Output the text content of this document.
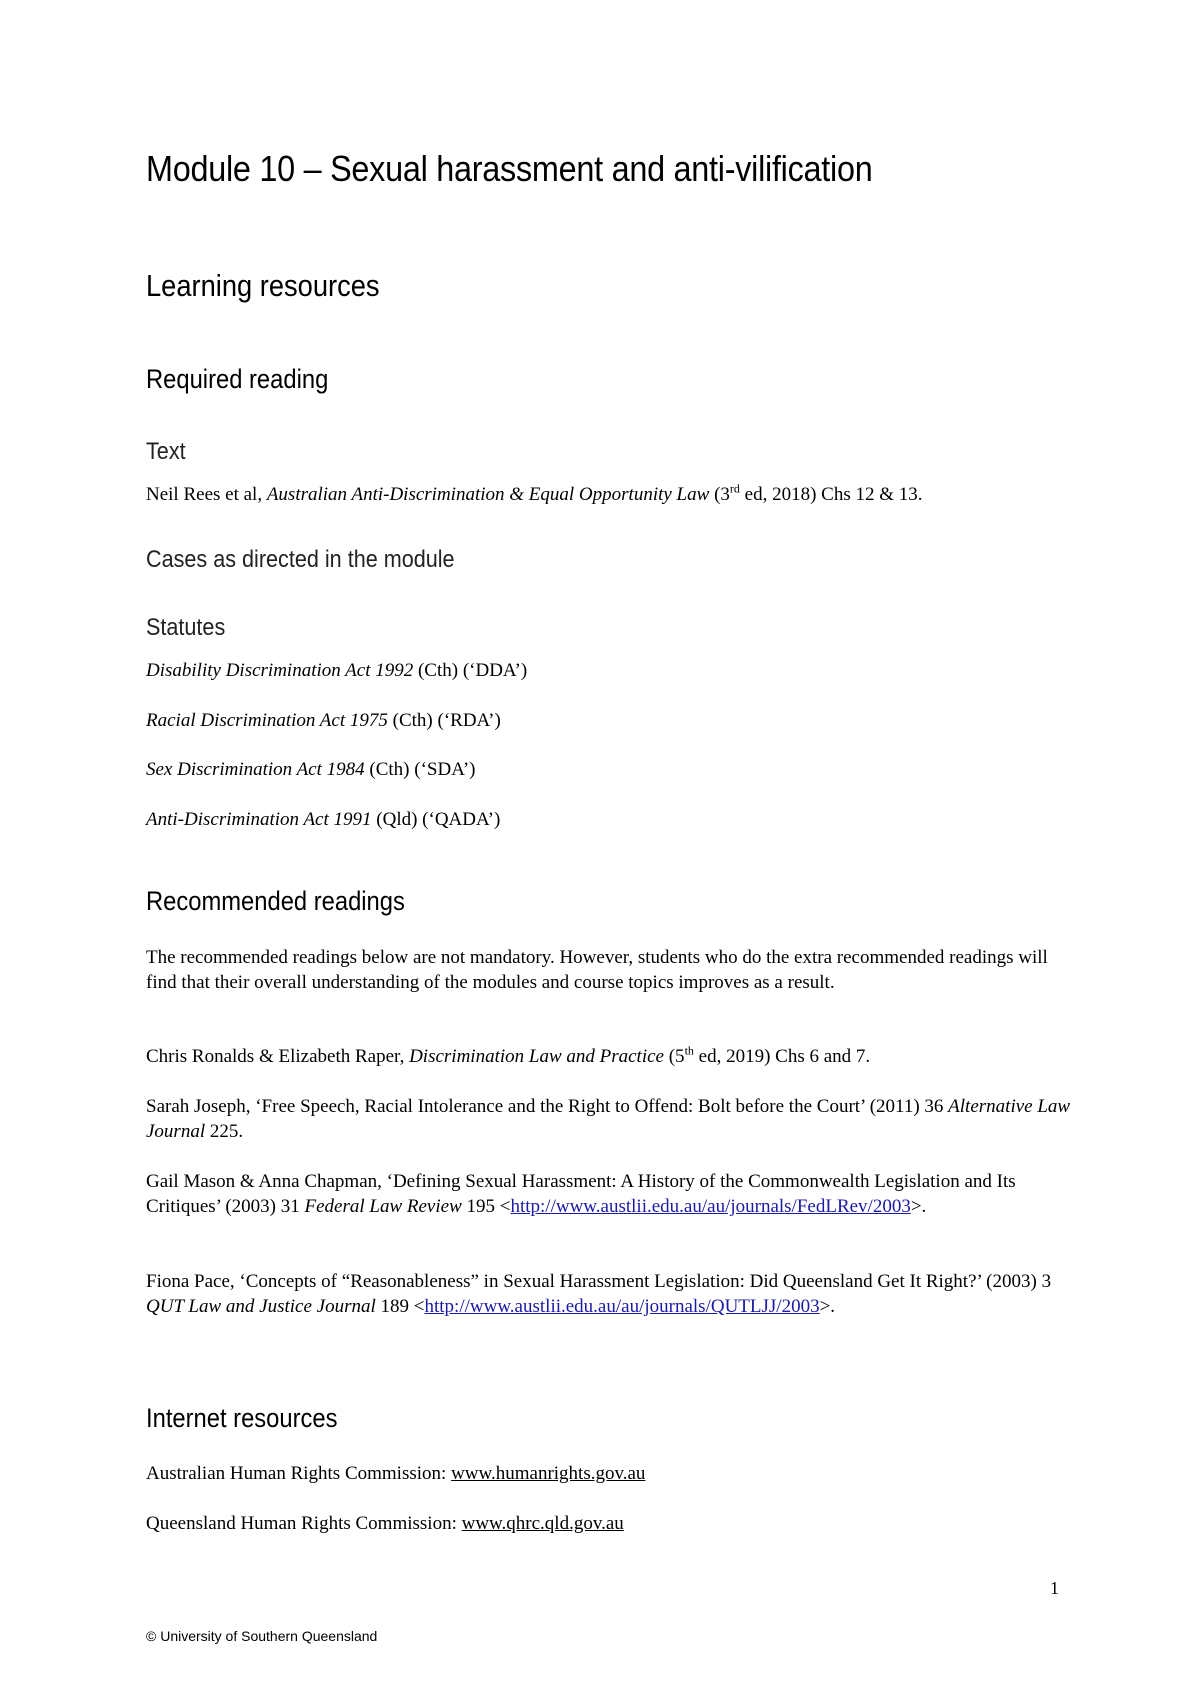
Module 10 – Sexual harassment and anti-vilification
Learning resources
Required reading
Text

Neil Rees et al, Australian Anti-Discrimination & Equal Opportunity Law (3rd ed, 2018) Chs 12 & 13.

Cases as directed in the module
Statutes

Disability Discrimination Act 1992 (Cth) (‘DDA’)

Racial Discrimination Act 1975 (Cth) (‘RDA’)

Sex Discrimination Act 1984 (Cth) (‘SDA’)

Anti-Discrimination Act 1991 (Qld) (‘QADA’)

Recommended readings

The recommended readings below are not mandatory. However, students who do the extra recommended readings will find that their overall understanding of the modules and course topics improves as a result.

Chris Ronalds & Elizabeth Raper, Discrimination Law and Practice (5th ed, 2019) Chs 6 and 7.

Sarah Joseph, ‘Free Speech, Racial Intolerance and the Right to Offend: Bolt before the Court’ (2011) 36 Alternative Law Journal 225.

Gail Mason & Anna Chapman, ‘Defining Sexual Harassment: A History of the Commonwealth Legislation and Its Critiques’ (2003) 31 Federal Law Review 195 <http://www.austlii.edu.au/au/journals/FedLRev/2003>.

Fiona Pace, ‘Concepts of “Reasonableness” in Sexual Harassment Legislation: Did Queensland Get It Right?’ (2003) 3 QUT Law and Justice Journal 189 <http://www.austlii.edu.au/au/journals/QUTLJJ/2003>.

Internet resources

Australian Human Rights Commission: www.humanrights.gov.au

Queensland Human Rights Commission: www.qhrc.qld.gov.au

1
© University of Southern Queensland
